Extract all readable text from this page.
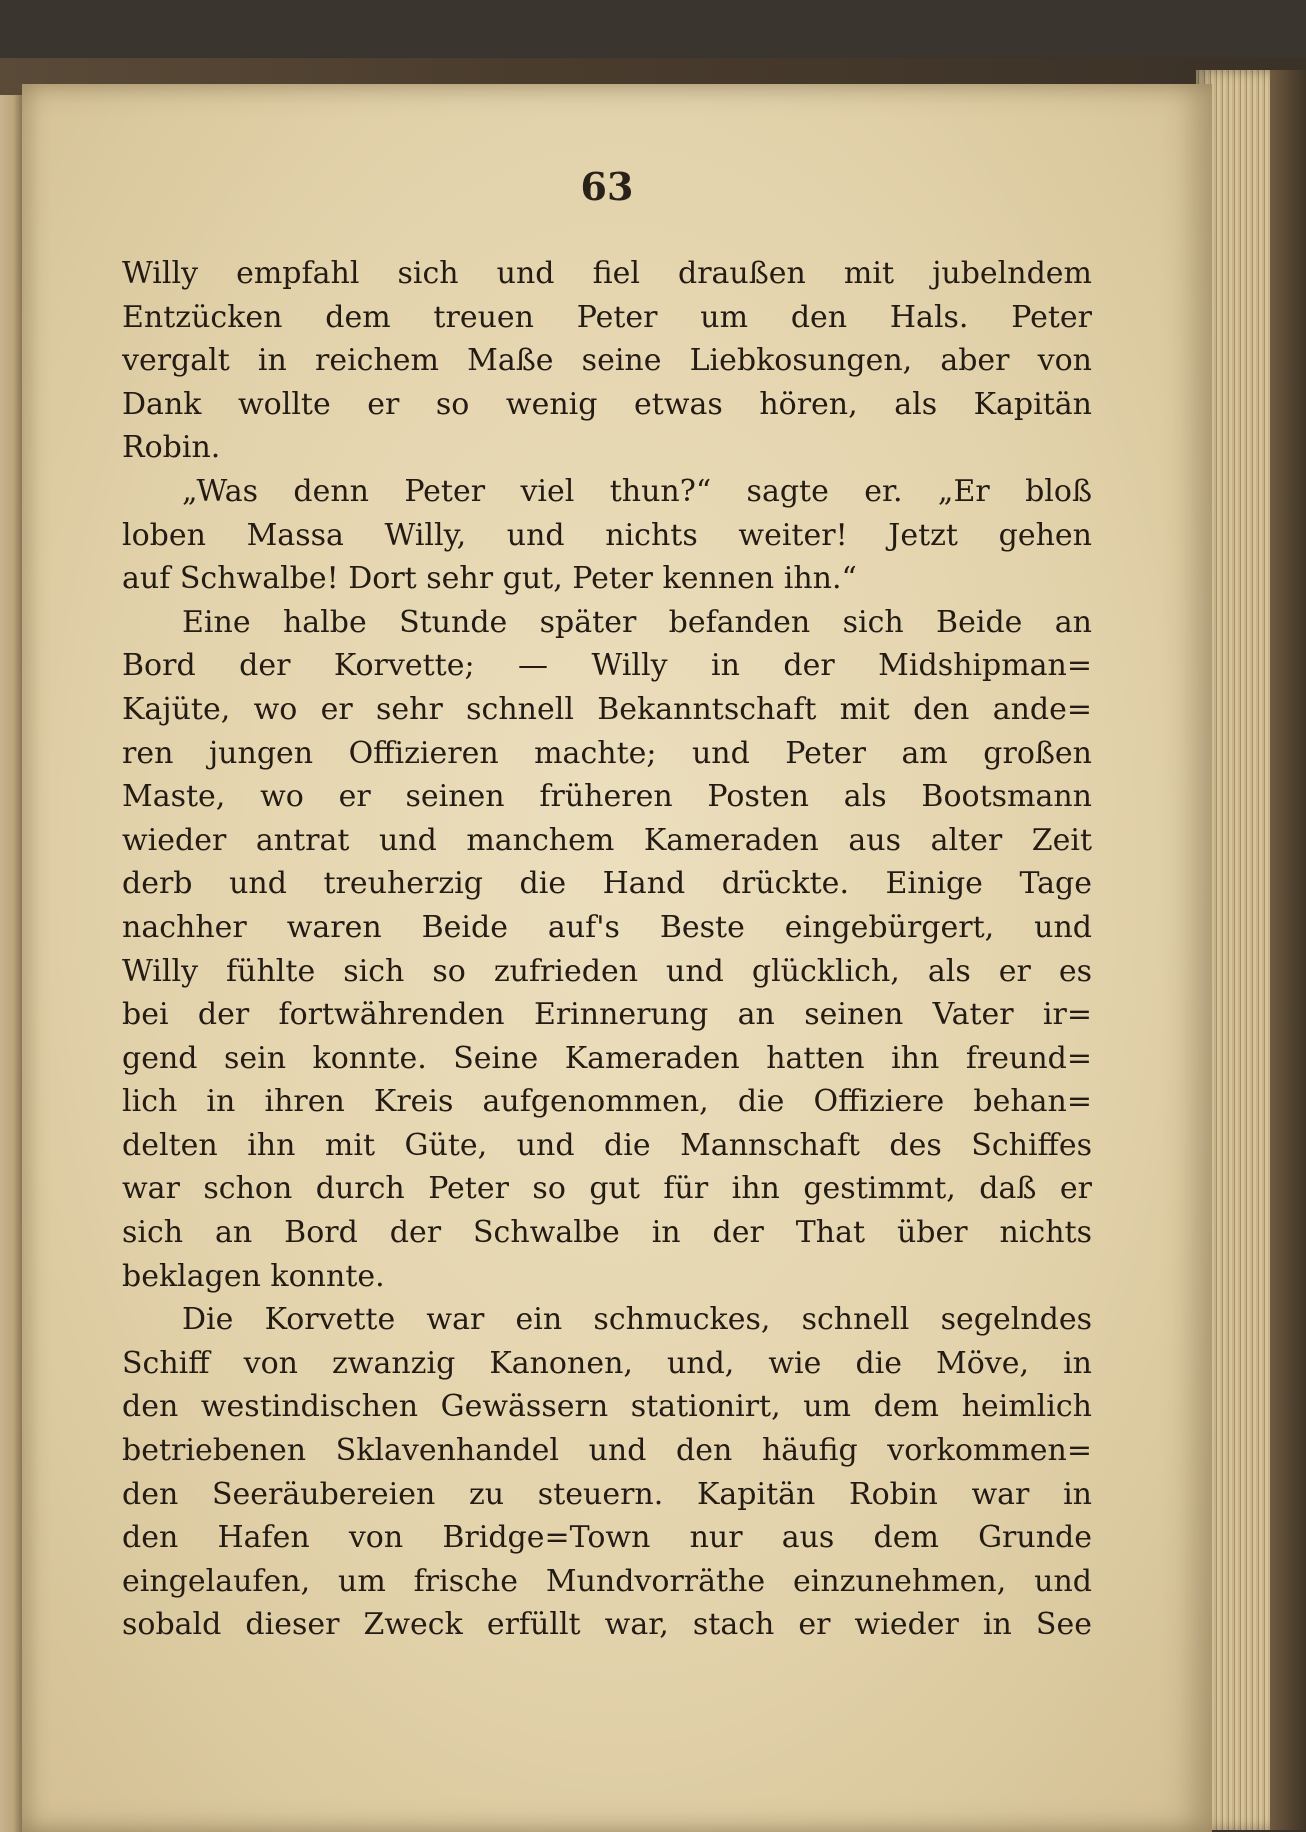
63
Willy empfahl sich und fiel draußen mit jubelndem
Entzücken dem treuen Peter um den Hals. Peter
vergalt in reichem Maße seine Liebkosungen, aber von
Dank wollte er so wenig etwas hören, als Kapitän
Robin.
„Was denn Peter viel thun?“ sagte er. „Er bloß
loben Massa Willy, und nichts weiter! Jetzt gehen
auf Schwalbe! Dort sehr gut, Peter kennen ihn.“
Eine halbe Stunde später befanden sich Beide an
Bord der Korvette; — Willy in der Midshipman=
Kajüte, wo er sehr schnell Bekanntschaft mit den ande=
ren jungen Offizieren machte; und Peter am großen
Maste, wo er seinen früheren Posten als Bootsmann
wieder antrat und manchem Kameraden aus alter Zeit
derb und treuherzig die Hand drückte. Einige Tage
nachher waren Beide auf's Beste eingebürgert, und
Willy fühlte sich so zufrieden und glücklich, als er es
bei der fortwährenden Erinnerung an seinen Vater ir=
gend sein konnte. Seine Kameraden hatten ihn freund=
lich in ihren Kreis aufgenommen, die Offiziere behan=
delten ihn mit Güte, und die Mannschaft des Schiffes
war schon durch Peter so gut für ihn gestimmt, daß er
sich an Bord der Schwalbe in der That über nichts
beklagen konnte.
Die Korvette war ein schmuckes, schnell segelndes
Schiff von zwanzig Kanonen, und, wie die Möve, in
den westindischen Gewässern stationirt, um dem heimlich
betriebenen Sklavenhandel und den häufig vorkommen=
den Seeräubereien zu steuern. Kapitän Robin war in
den Hafen von Bridge=Town nur aus dem Grunde
eingelaufen, um frische Mundvorräthe einzunehmen, und
sobald dieser Zweck erfüllt war, stach er wieder in See
